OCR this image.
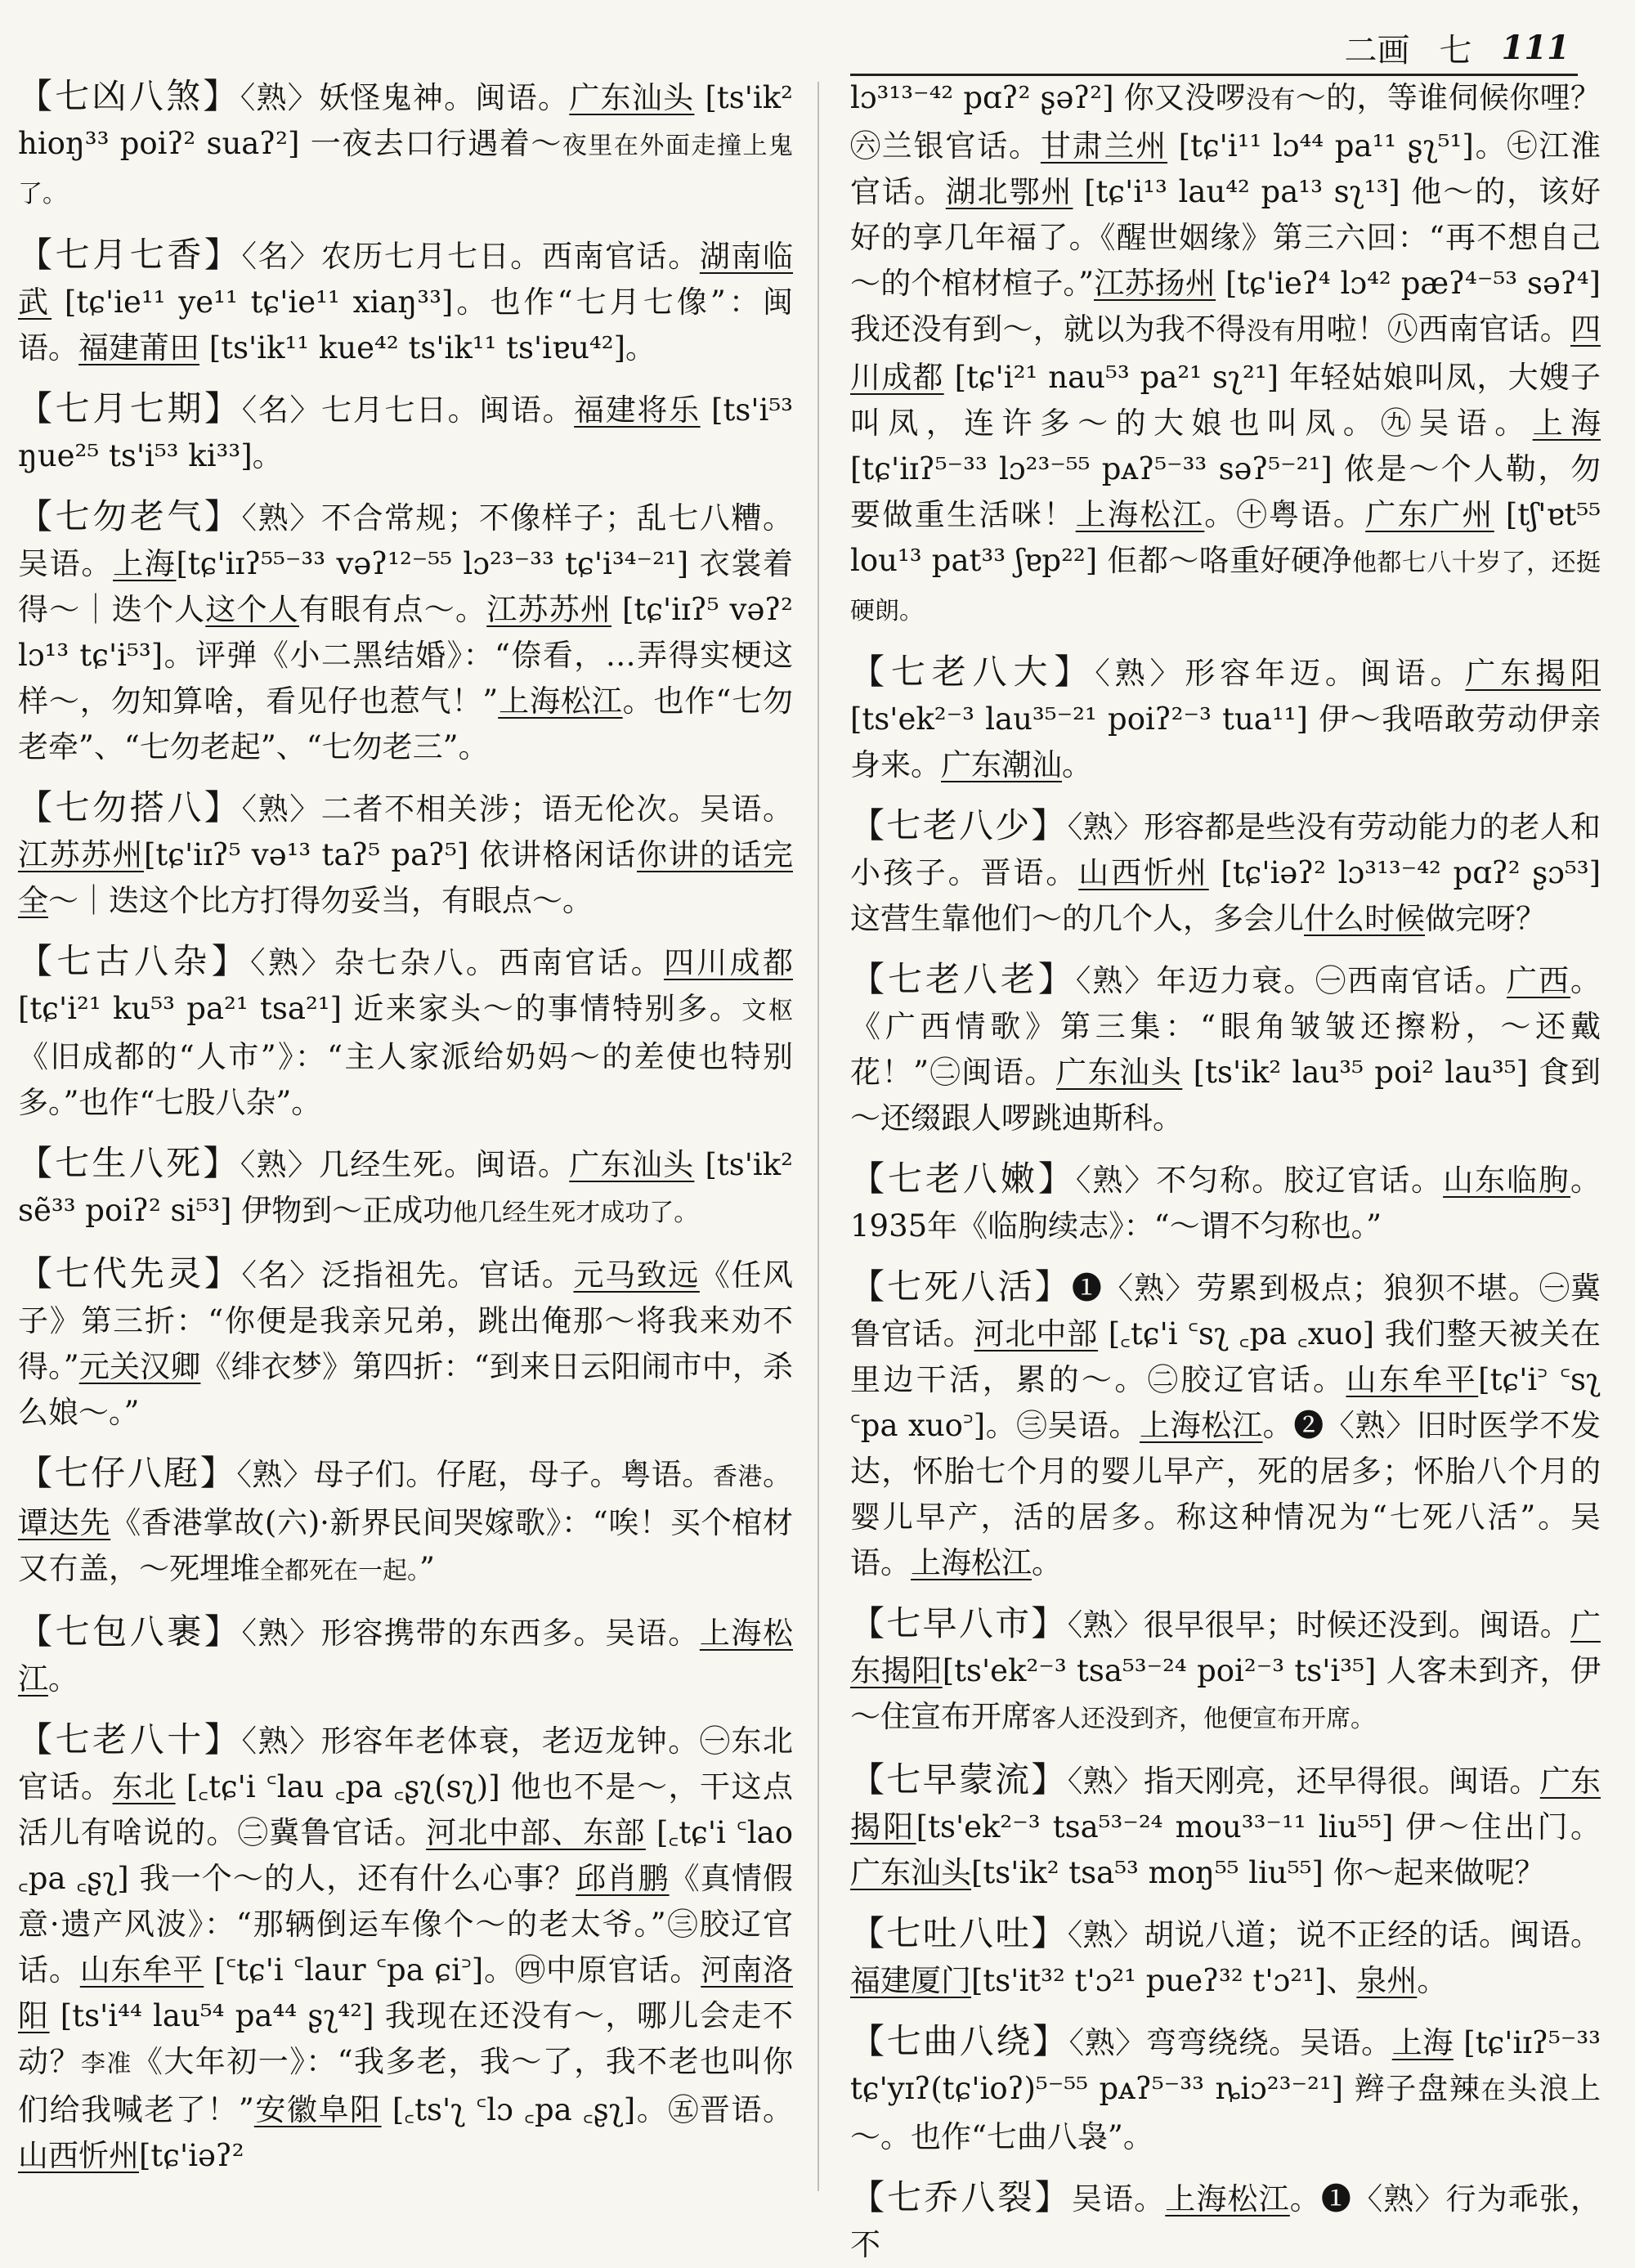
二画 七 111

【七凶八煞】〈熟〉妖怪鬼神。闽语。广东汕头 [ts'ik² hioŋ³³ poiʔ² suaʔ²] 一夜去口行遇着～夜里在外面走撞上鬼了。

【七月七香】〈名〉农历七月七日。西南官话。湖南临武 [tɕ'ie¹¹ ye¹¹ tɕ'ie¹¹ xiaŋ³³]。也作“七月七像”：闽语。福建莆田 [ts'ik¹¹ kue⁴² ts'ik¹¹ ts'iɐu⁴²]。

【七月七期】〈名〉七月七日。闽语。福建将乐 [ts'i⁵³ ŋue²⁵ ts'i⁵³ ki³³]。

【七勿老气】〈熟〉不合常规；不像样子；乱七八糟。吴语。上海[tɕ'iɪʔ⁵⁵⁻³³ vəʔ¹²⁻⁵⁵ lɔ²³⁻³³ tɕ'i³⁴⁻²¹] 衣裳着得～｜迭个人这个人有眼有点～。江苏苏州 [tɕ'iɪʔ⁵ vəʔ² lɔ¹³ tɕ'i⁵³]。评弹《小二黑结婚》：“倷看，…弄得实梗这样～，勿知算啥，看见仔也惹气！”上海松江。也作“七勿老牵”、“七勿老起”、“七勿老三”。

【七勿搭八】〈熟〉二者不相关涉；语无伦次。吴语。江苏苏州[tɕ'iɪʔ⁵ və¹³ taʔ⁵ paʔ⁵] 依讲格闲话你讲的话完全～｜迭这个比方打得勿妥当，有眼点～。

【七古八杂】〈熟〉杂七杂八。西南官话。四川成都 [tɕ'i²¹ ku⁵³ pa²¹ tsa²¹] 近来家头～的事情特别多。文枢《旧成都的“人市”》：“主人家派给奶妈～的差使也特别多。”也作“七股八杂”。

【七生八死】〈熟〉几经生死。闽语。广东汕头 [ts'ik² sẽ³³ poiʔ² si⁵³] 伊物到～正成功他几经生死才成功了。

【七代先灵】〈名〉泛指祖先。官话。元马致远《任风子》第三折：“你便是我亲兄弟，跳出俺那～将我来劝不得。”元关汉卿《绯衣梦》第四折：“到来日云阳闹市中，杀么娘～。”

【七仔八屘】〈熟〉母子们。仔屘，母子。粤语。香港。谭达先《香港掌故(六)·新界民间哭嫁歌》：“唉！买个棺材又冇盖，～死埋堆全都死在一起。”

【七包八裹】〈熟〉形容携带的东西多。吴语。上海松江。

【七老八十】〈熟〉形容年老体衰，老迈龙钟。㊀东北官话。东北 [꜀tɕ'i ꜂lau ꜀pa ꜀ʂʅ(sʅ)] 他也不是～，干这点活儿有啥说的。㊁冀鲁官话。河北中部、东部 [꜀tɕ'i ꜂lao ꜀pa ꜀ʂʅ] 我一个～的人，还有什么心事？邱肖鹏《真情假意·遗产风波》：“那辆倒运车像个～的老太爷。”㊂胶辽官话。山东牟平 [꜂tɕ'i ꜂laur ꜂pa ɕi꜄]。㊃中原官话。河南洛阳 [ts'i⁴⁴ lau⁵⁴ pa⁴⁴ ʂʅ⁴²] 我现在还没有～，哪儿会走不动？李准《大年初一》：“我多老，我～了，我不老也叫你们给我喊老了！”安徽阜阳 [꜀ts'ʅ ꜂lɔ ꜀pa ꜀ʂʅ]。㊄晋语。山西忻州[tɕ'iəʔ²

lɔ³¹³⁻⁴² pɑʔ² ʂəʔ²] 你又没啰没有～的，等谁伺候你哩？㊅兰银官话。甘肃兰州 [tɕ'i¹¹ lɔ⁴⁴ pa¹¹ ʂʅ⁵¹]。㊆江淮官话。湖北鄂州 [tɕ'i¹³ lau⁴² pa¹³ sʅ¹³] 他～的，该好好的享几年福了。《醒世姻缘》第三六回：“再不想自己～的个棺材楦子。”江苏扬州 [tɕ'ieʔ⁴ lɔ⁴² pæʔ⁴⁻⁵³ səʔ⁴] 我还没有到～，就以为我不得没有用啦！㊇西南官话。四川成都 [tɕ'i²¹ nau⁵³ pa²¹ sʅ²¹] 年轻姑娘叫凤，大嫂子叫凤，连许多～的大娘也叫凤。㊈吴语。上海 [tɕ'iɪʔ⁵⁻³³ lɔ²³⁻⁵⁵ pᴀʔ⁵⁻³³ səʔ⁵⁻²¹] 侬是～个人勒，勿要做重生活咪！上海松江。㊉粤语。广东广州 [tʃ'ɐt⁵⁵ lou¹³ pat³³ ʃɐp²²] 佢都～咯重好硬净他都七八十岁了，还挺硬朗。

【七老八大】〈熟〉形容年迈。闽语。广东揭阳 [ts'ek²⁻³ lau³⁵⁻²¹ poiʔ²⁻³ tua¹¹] 伊～我唔敢劳动伊亲身来。广东潮汕。

【七老八少】〈熟〉形容都是些没有劳动能力的老人和小孩子。晋语。山西忻州 [tɕ'iəʔ² lɔ³¹³⁻⁴² pɑʔ² ʂɔ⁵³] 这营生靠他们～的几个人，多会儿什么时候做完呀？

【七老八老】〈熟〉年迈力衰。㊀西南官话。广西。《广西情歌》第三集：“眼角皱皱还擦粉，～还戴花！”㊁闽语。广东汕头 [ts'ik² lau³⁵ poi² lau³⁵] 食到～还缀跟人啰跳迪斯科。

【七老八嫩】〈熟〉不匀称。胶辽官话。山东临朐。1935年《临朐续志》：“～谓不匀称也。”

【七死八活】❶〈熟〉劳累到极点；狼狈不堪。㊀冀鲁官话。河北中部 [꜀tɕ'i ꜂sʅ ꜀pa ꜀xuo] 我们整天被关在里边干活，累的～。㊁胶辽官话。山东牟平[tɕ'i꜄ ꜂sʅ ꜂pa xuo꜄]。㊂吴语。上海松江。❷〈熟〉旧时医学不发达，怀胎七个月的婴儿早产，死的居多；怀胎八个月的婴儿早产，活的居多。称这种情况为“七死八活”。吴语。上海松江。

【七早八市】〈熟〉很早很早；时候还没到。闽语。广东揭阳[ts'ek²⁻³ tsa⁵³⁻²⁴ poi²⁻³ ts'i³⁵] 人客未到齐，伊～住宣布开席客人还没到齐，他便宣布开席。

【七早蒙流】〈熟〉指天刚亮，还早得很。闽语。广东揭阳[ts'ek²⁻³ tsa⁵³⁻²⁴ mou³³⁻¹¹ liu⁵⁵] 伊～住出门。广东汕头[ts'ik² tsa⁵³ moŋ⁵⁵ liu⁵⁵] 你～起来做呢？

【七吐八吐】〈熟〉胡说八道；说不正经的话。闽语。福建厦门[ts'it³² t'ɔ²¹ pueʔ³² t'ɔ²¹]、泉州。

【七曲八绕】〈熟〉弯弯绕绕。吴语。上海 [tɕ'iɪʔ⁵⁻³³ tɕ'yɪʔ(tɕ'ioʔ)⁵⁻⁵⁵ pᴀʔ⁵⁻³³ ȵiɔ²³⁻²¹] 辫子盘辣在头浪上～。也作“七曲八袅”。

【七乔八裂】吴语。上海松江。❶〈熟〉行为乖张，不
